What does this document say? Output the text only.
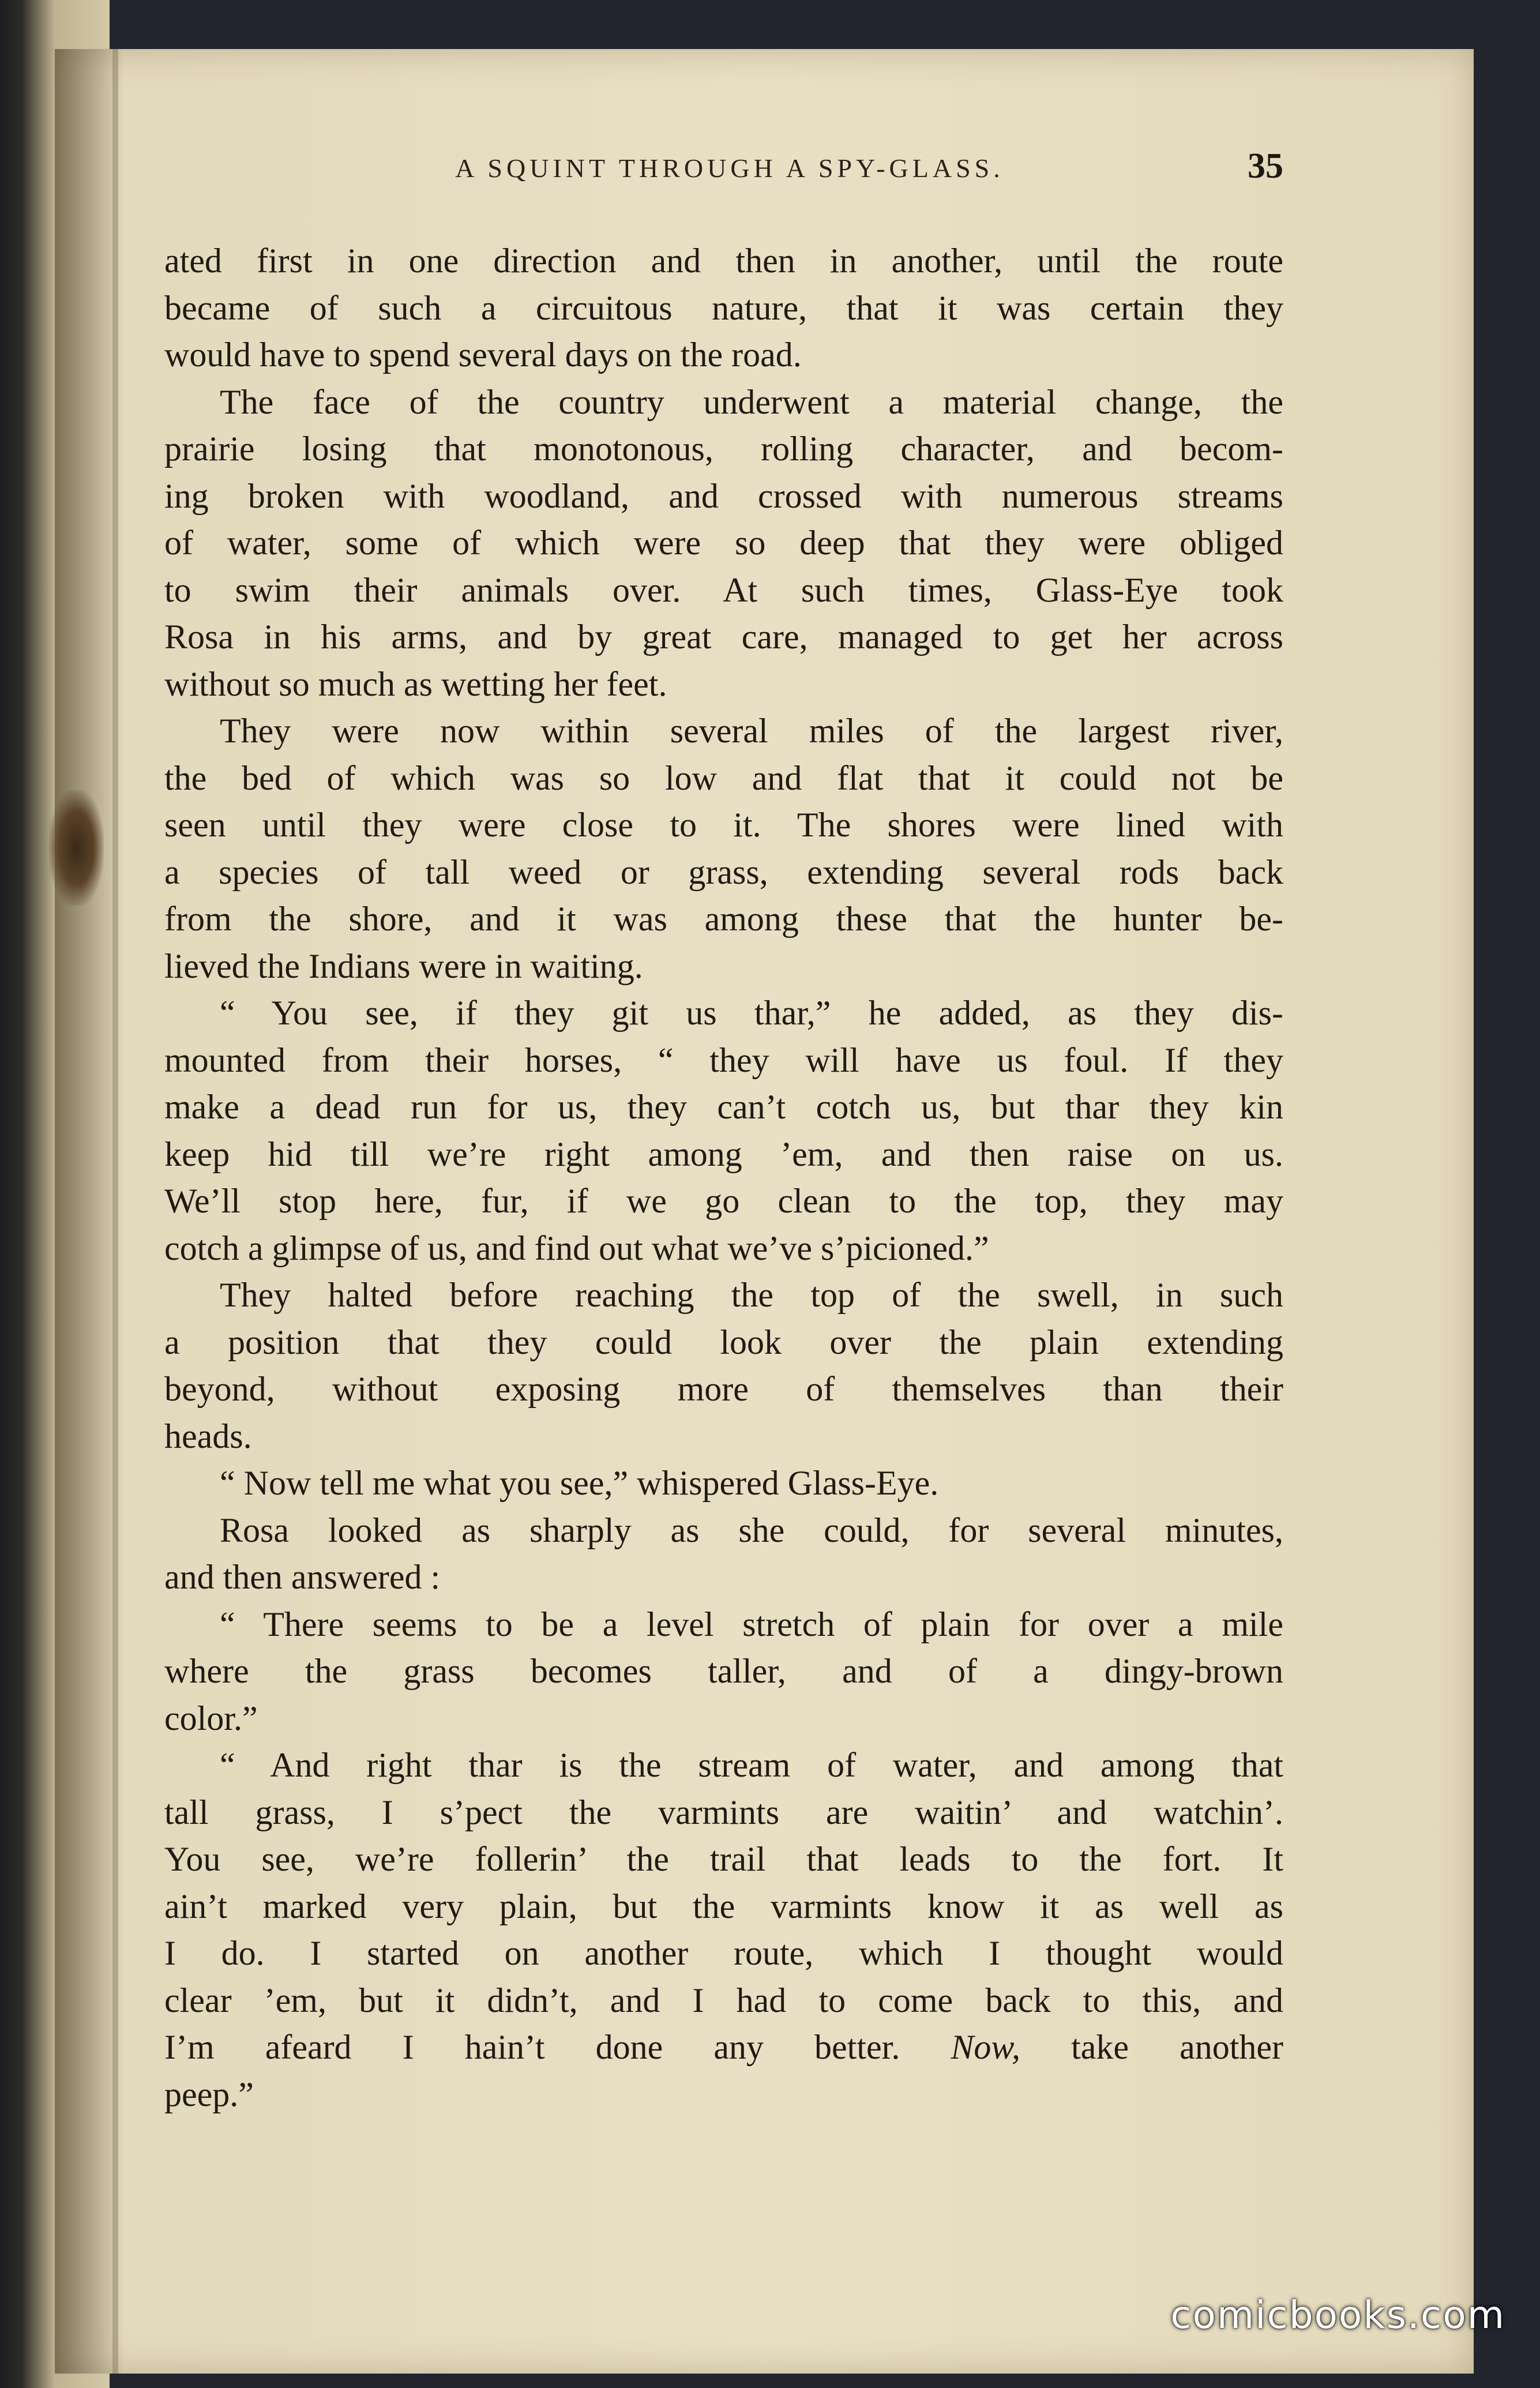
A SQUINT THROUGH A SPY-GLASS.	35
ated first in one direction and then in another, until the route
became of such a circuitous nature, that it was certain they
would have to spend several days on the road.
The face of the country underwent a material change, the
prairie losing that monotonous, rolling character, and becom-
ing broken with woodland, and crossed with numerous streams
of water, some of which were so deep that they were obliged
to swim their animals over. At such times, Glass-Eye took
Rosa in his arms, and by great care, managed to get her across
without so much as wetting her feet.
They were now within several miles of the largest river,
the bed of which was so low and flat that it could not be
seen until they were close to it. The shores were lined with
a species of tall weed or grass, extending several rods back
from the shore, and it was among these that the hunter be-
lieved the Indians were in waiting.
“ You see, if they git us thar,” he added, as they dis-
mounted from their horses, “ they will have us foul. If they
make a dead run for us, they can’t cotch us, but thar they kin
keep hid till we’re right among ’em, and then raise on us.
We’ll stop here, fur, if we go clean to the top, they may
cotch a glimpse of us, and find out what we’ve s’picioned.”
They halted before reaching the top of the swell, in such
a position that they could look over the plain extending
beyond, without exposing more of themselves than their
heads.
“ Now tell me what you see,” whispered Glass-Eye.
Rosa looked as sharply as she could, for several minutes,
and then answered :
“ There seems to be a level stretch of plain for over a mile
where the grass becomes taller, and of a dingy-brown
color.”
“ And right thar is the stream of water, and among that
tall grass, I s’pect the varmints are waitin’ and watchin’.
You see, we’re follerin’ the trail that leads to the fort. It
ain’t marked very plain, but the varmints know it as well as
I do. I started on another route, which I thought would
clear ’em, but it didn’t, and I had to come back to this, and
I’m afeard I hain’t done any better. Now, take another
peep.”
comicbooks.com
